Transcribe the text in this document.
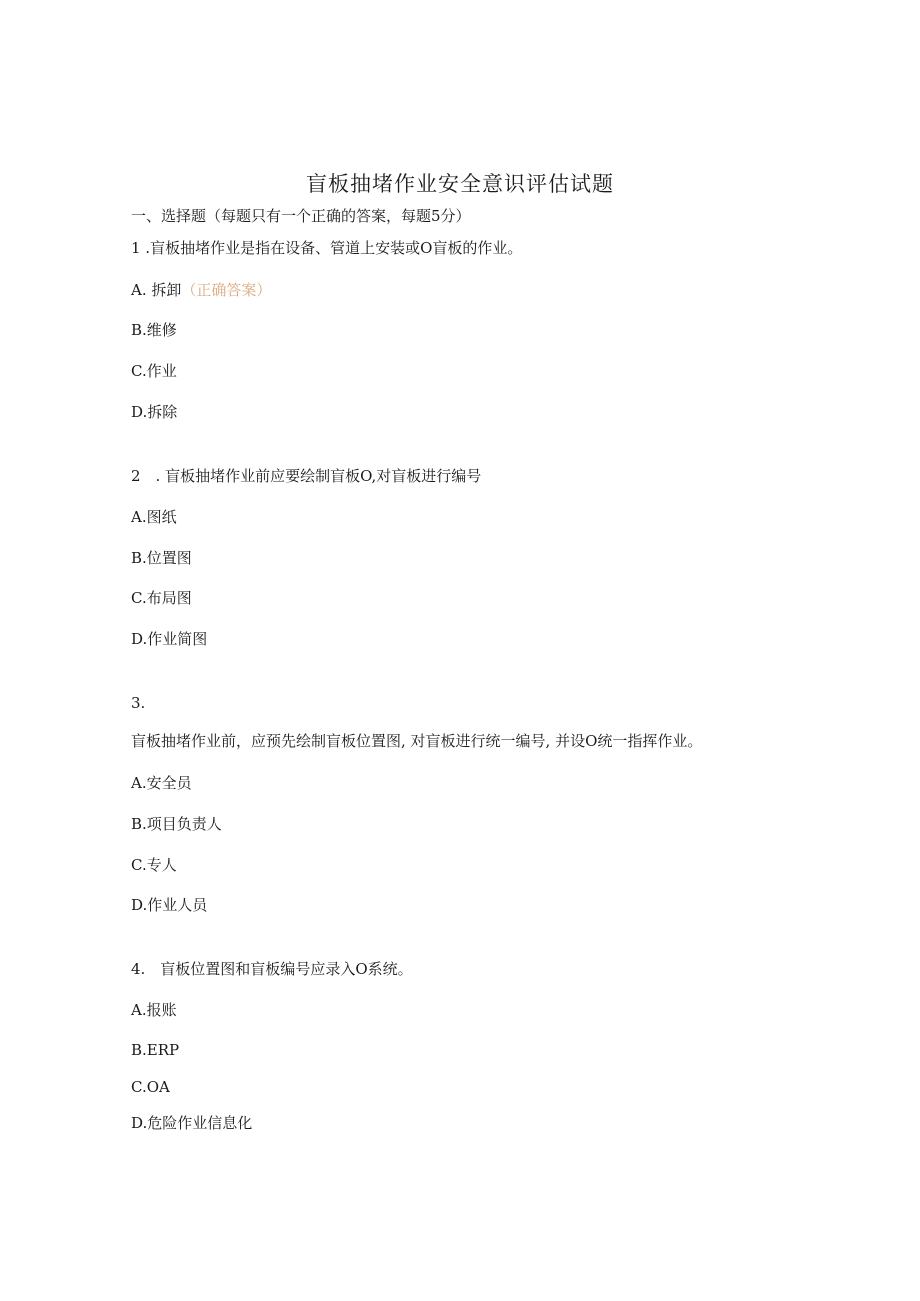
盲板抽堵作业安全意识评估试题
一、选择题（每题只有一个正确的答案，每题5分）
1 .盲板抽堵作业是指在设备、管道上安装或O盲板的作业。
A. 拆卸（正确答案）
B.维修
C.作业
D.拆除
2　. 盲板抽堵作业前应要绘制盲板O,对盲板进行编号
A.图纸
B.位置图
C.布局图
D.作业简图
3.
盲板抽堵作业前，应预先绘制盲板位置图, 对盲板进行统一编号, 并设O统一指挥作业。
A.安全员
B.项目负责人
C.专人
D.作业人员
4.　盲板位置图和盲板编号应录入O系统。
A.报账
B.ERP
C.OA
D.危险作业信息化
